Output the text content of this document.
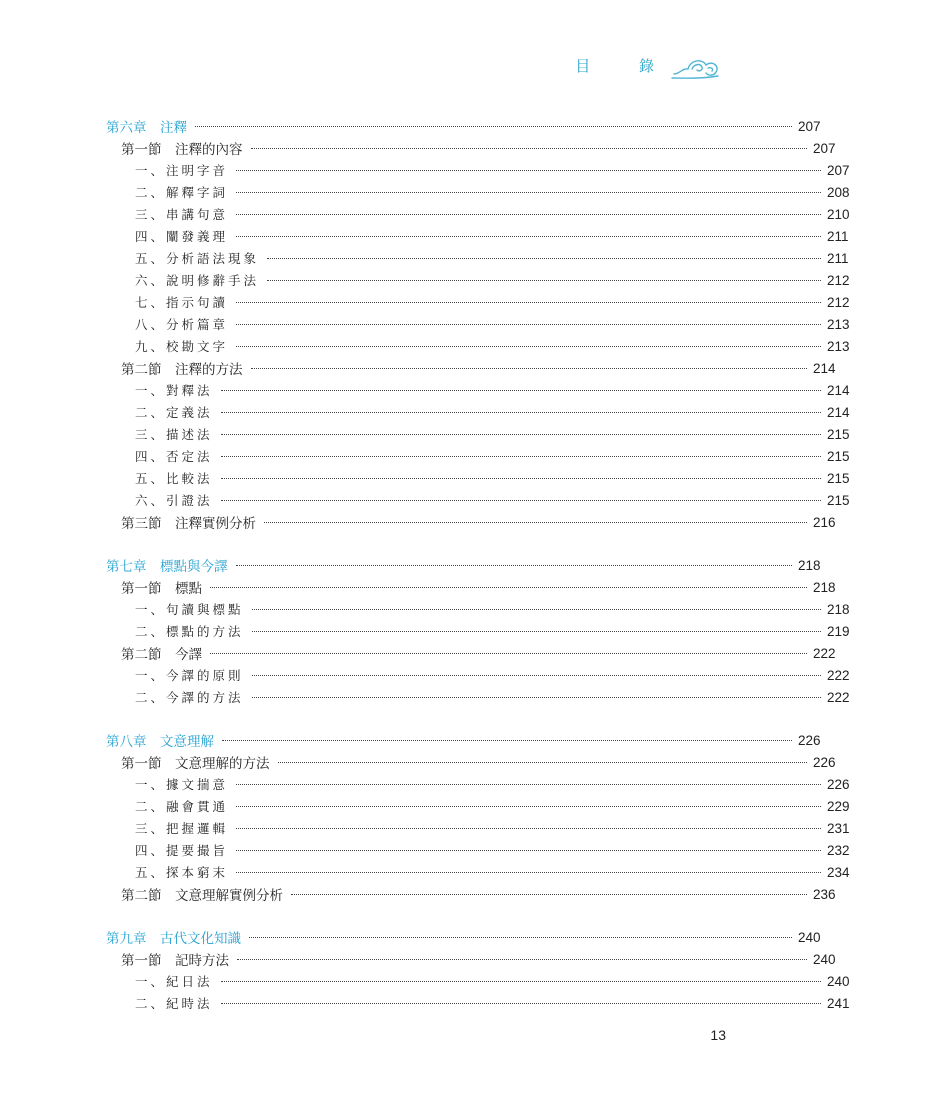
目 錄
第六章　注釋	207
第一節　注釋的內容	207
一、注明字音	207
二、解釋字詞	208
三、串講句意	210
四、闡發義理	211
五、分析語法現象	211
六、說明修辭手法	212
七、指示句讀	212
八、分析篇章	213
九、校勘文字	213
第二節　注釋的方法	214
一、對釋法	214
二、定義法	214
三、描述法	215
四、否定法	215
五、比較法	215
六、引證法	215
第三節　注釋實例分析	216
第七章　標點與今譯	218
第一節　標點	218
一、句讀與標點	218
二、標點的方法	219
第二節　今譯	222
一、今譯的原則	222
二、今譯的方法	222
第八章　文意理解	226
第一節　文意理解的方法	226
一、據文揣意	226
二、融會貫通	229
三、把握邏輯	231
四、提要撮旨	232
五、探本窮末	234
第二節　文意理解實例分析	236
第九章　古代文化知識	240
第一節　記時方法	240
一、紀日法	240
二、紀時法	241
13
